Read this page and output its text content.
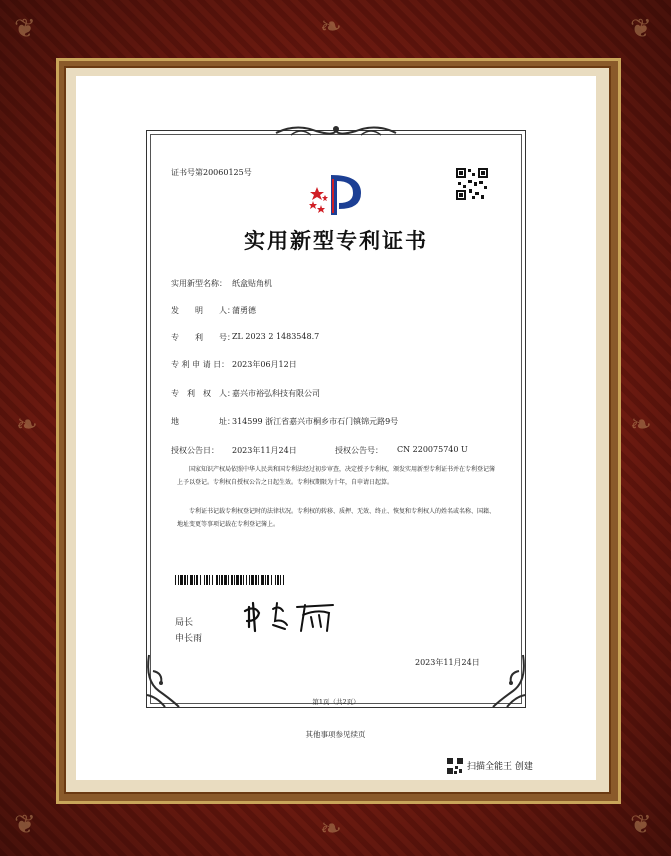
❦	❦
❦	❦
❧
❧
❧	❧
证书号第20060125号
实用新型专利证书
实用新型名称： 纸盒贴角机
发　　明　　人：
蒲勇德
专　　利　　号：
ZL 2023 2 1483548.7
专 利 申 请 日： 2023年06月12日
专　利　权　人：
嘉兴市裕弘科技有限公司
地　　　　　址：
314599 浙江省嘉兴市桐乡市石门镇锦元路9号
授权公告日： 2023年11月24日	授权公告号： CN 220075740 U
国家知识产权局依照中华人民共和国专利法经过初步审查，决定授予专利权，颁发实用新型专利证书并在专利登记簿上予以登记。专利权自授权公告之日起生效。专利权期限为十年，自申请日起算。
专利证书记载专利权登记时的法律状况。专利权的转移、质押、无效、终止、恢复和专利权人的姓名或名称、国籍、地址变更等事项记载在专利登记簿上。
局长
申长雨
2023年11月24日
第1页（共2页）
其他事项参见续页
扫描全能王 创建
